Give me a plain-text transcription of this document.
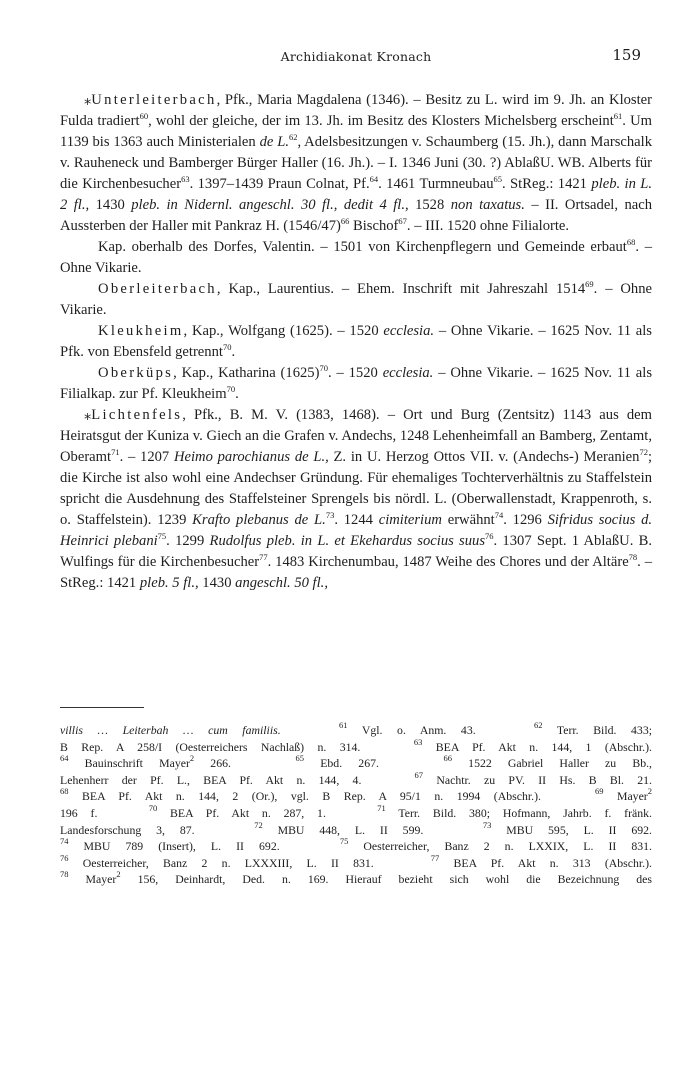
Archidiakonat Kronach	159

⁎Unterleiterbach, Pfk., Maria Magdalena (1346). – Besitz zu L. wird im 9. Jh. an Kloster Fulda tradiert$^{60}$, wohl der gleiche, der im 13. Jh. im Besitz des Klosters Michelsberg erscheint$^{61}$. Um 1139 bis 1363 auch Ministerialen de L.$^{62}$, Adelsbesitzungen v. Schaumberg (15. Jh.), dann Marschalk v. Rauheneck und Bamberger Bürger Haller (16. Jh.). – I. 1346 Juni (30. ?) AblaßU. WB. Alberts für die Kirchenbesucher$^{63}$. 1397–1439 Praun Colnat, Pf.$^{64}$. 1461 Turmneubau$^{65}$. StReg.: 1421 pleb. in L. 2 fl., 1430 pleb. in Nidernl. angeschl. 30 fl., dedit 4 fl., 1528 non taxatus. – II. Ortsadel, nach Aussterben der Haller mit Pankraz H. $(1546/47)^{66}$ Bischof$^{67}$. – III. 1520 ohne Filialorte.

Kap. oberhalb des Dorfes, Valentin. – 1501 von Kirchenpflegern und Gemeinde erbaut$^{68}$. – Ohne Vikarie.

Oberleiterbach, Kap., Laurentius. – Ehem. Inschrift mit Jahreszahl 1514$^{69}$. – Ohne Vikarie.

Kleukheim, Kap., Wolfgang (1625). – 1520 ecclesia. – Ohne Vikarie. – 1625 Nov. 11 als Pfk. von Ebensfeld getrennt$^{70}$.

Oberküps, Kap., Katharina $(1625)^{70}$. – 1520 ecclesia. – Ohne Vikarie. – 1625 Nov. 11 als Filialkap. zur Pf. Kleukheim$^{70}$.

⁎Lichtenfels, Pfk., B. M. V. (1383, 1468). – Ort und Burg (Zentsitz) 1143 aus dem Heiratsgut der Kuniza v. Giech an die Grafen v. Andechs, 1248 Lehenheimfall an Bamberg, Zentamt, Oberamt$^{71}$. – 1207 Heimo parochianus de L., Z. in U. Herzog Ottos VII. v. (Andechs-) Meranien$^{72}$; die Kirche ist also wohl eine Andechser Gründung. Für ehemaliges Tochterverhältnis zu Staffelstein spricht die Ausdehnung des Staffelsteiner Sprengels bis nördl. L. (Oberwallenstadt, Krappenroth, s. o. Staffelstein). 1239 Krafto plebanus de L.$^{73}$. 1244 cimiterium erwähnt$^{74}$. 1296 Sifridus socius d. Heinrici plebani$^{75}$. 1299 Rudolfus pleb. in L. et Ekehardus socius suus$^{76}$. 1307 Sept. 1 AblaßU. B. Wulfings für die Kirchenbesucher$^{77}$. 1483 Kirchenumbau, 1487 Weihe des Chores und der Altäre$^{78}$. – StReg.: 1421 pleb. 5 fl., 1430 angeschl. 50 fl.,

villis … Leiterbah … cum familiis.	$^{61}$ Vgl. o. Anm. 43.	$^{62}$ Terr. Bild. 433;

B Rep. A 258/I (Oesterreichers Nachlaß) n. 314.	$^{63}$ BEA Pf. Akt n. 144, 1 (Abschr.).

$^{64}$ Bauinschrift Mayer$^2$ 266.	$^{65}$ Ebd. 267.	$^{66}$ 1522 Gabriel Haller zu Bb.,

Lehenherr der Pf. L., BEA Pf. Akt n. 144, 4.	$^{67}$ Nachtr. zu PV. II Hs. B Bl. 21.

$^{68}$ BEA Pf. Akt n. 144, 2 (Or.), vgl. B Rep. A 95/1 n. 1994 (Abschr.).	$^{69}$ Mayer$^2$

196 f.	$^{70}$ BEA Pf. Akt n. 287, 1.	$^{71}$ Terr. Bild. 380; Hofmann, Jahrb. f. fränk.

Landesforschung 3, 87.	$^{72}$ MBU 448, L. II 599.	$^{73}$ MBU 595, L. II 692.

$^{74}$ MBU 789 (Insert), L. II 692.	$^{75}$ Oesterreicher, Banz 2 n. LXXIX, L. II 831.

$^{76}$ Oesterreicher, Banz 2 n. LXXXIII, L. II 831.	$^{77}$ BEA Pf. Akt n. 313 (Abschr.).

$^{78}$ Mayer$^2$ 156, Deinhardt, Ded. n. 169. Hierauf bezieht sich wohl die Bezeichnung des
